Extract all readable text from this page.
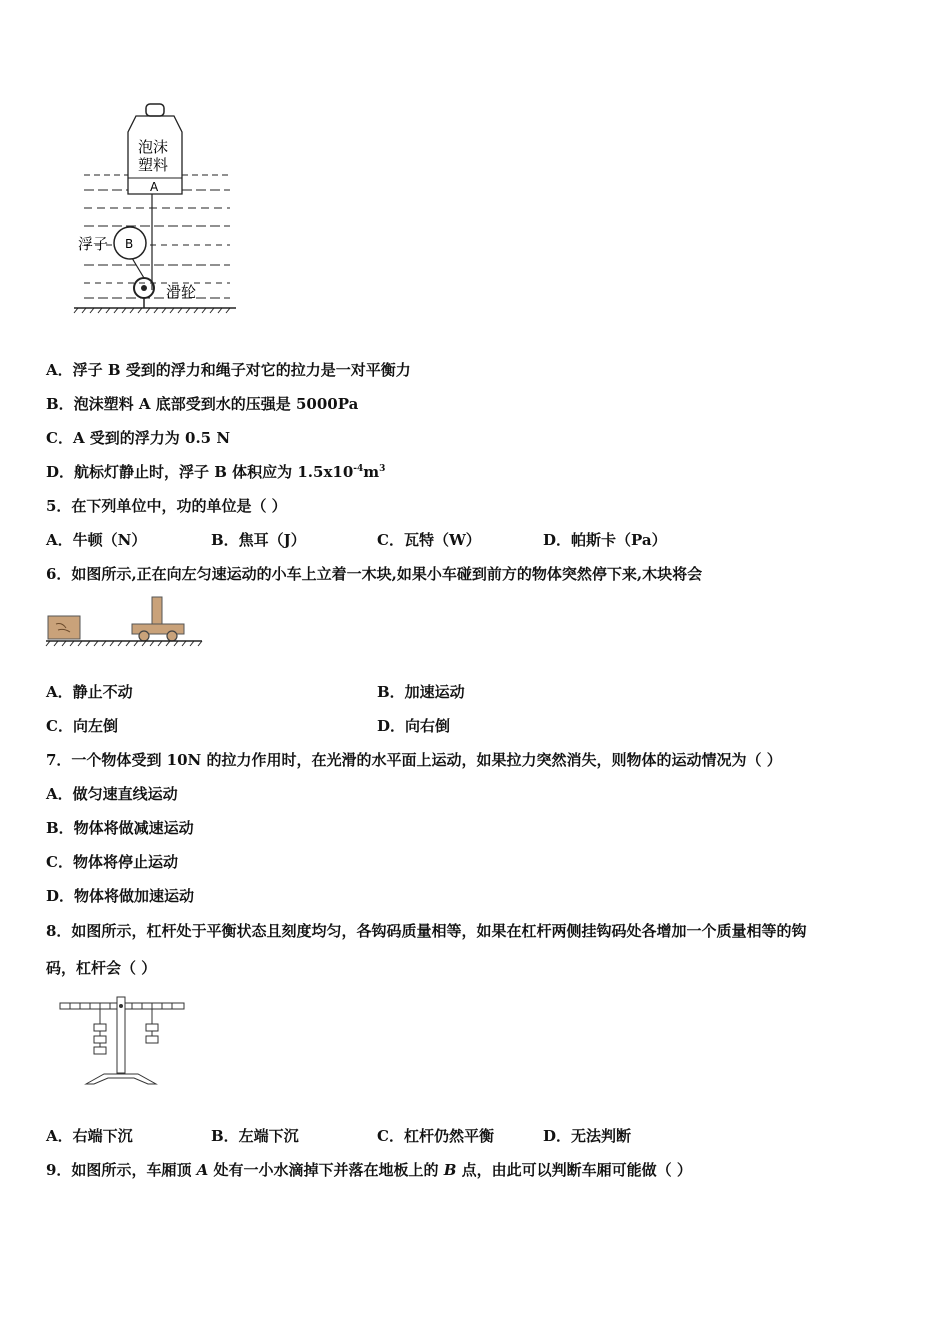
泡沫
塑料
A
B
浮子
滑轮
A．浮子 B 受到的浮力和绳子对它的拉力是一对平衡力
B．泡沫塑料 A 底部受到水的压强是 5000Pa
C．A 受到的浮力为 0.5 N
D．航标灯静止时，浮子 B 体积应为 $1.5x10^{-4}m^3$
5．在下列单位中，功的单位是（ ）
A．牛顿（N）	B．焦耳（J）	C．瓦特（W）	D．帕斯卡（Pa）
6．如图所示,正在向左匀速运动的小车上立着一木块,如果小车碰到前方的物体突然停下来,木块将会
A．静止不动	B．加速运动
C．向左倒	D．向右倒
7．一个物体受到 10N 的拉力作用时，在光滑的水平面上运动，如果拉力突然消失，则物体的运动情况为（ ）
A．做匀速直线运动
B．物体将做减速运动
C．物体将停止运动
D．物体将做加速运动
8．如图所示，杠杆处于平衡状态且刻度均匀，各钩码质量相等，如果在杠杆两侧挂钩码处各增加一个质量相等的钩
码，杠杆会（ ）
A．右端下沉	B．左端下沉	C．杠杆仍然平衡	D．无法判断
9．如图所示，车厢顶 A 处有一小水滴掉下并落在地板上的 B 点，由此可以判断车厢可能做（ ）
